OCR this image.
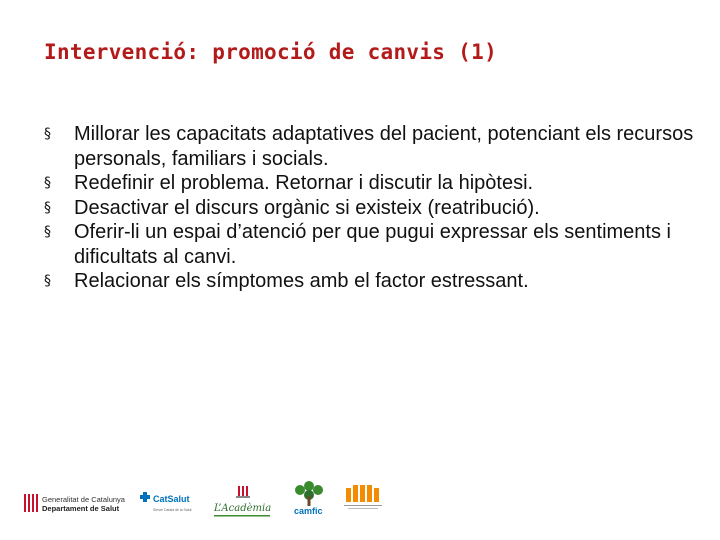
Intervenció: promoció de canvis (1)
§ Millorar les capacitats adaptatives del pacient, potenciant els recursos personals, familiars i socials.
§ Redefinir el problema. Retornar i discutir la hipòtesi.
§ Desactivar el discurs orgànic si existeix (reatribució).
§ Oferir-li un espai d’atenció per que pugui expressar els sentiments i dificultats al canvi.
§ Relacionar els símptomes amb el factor estressant.
Generalitat de Catalunya
Departament de Salut
CatSalut
Servei Català de la Salut L’Acadèmia	camfic
